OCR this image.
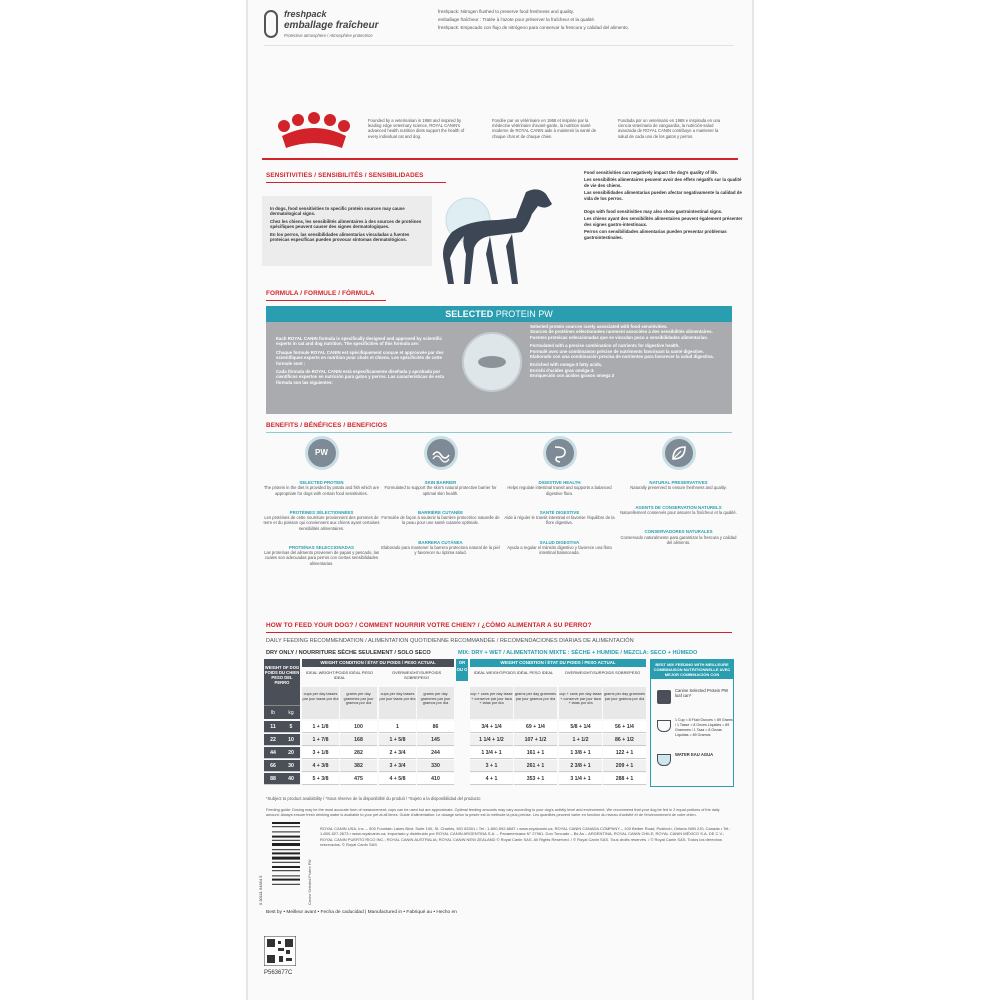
freshpack
emballage fraîcheur
Protective atmosphere / Atmosphère protectrice
freshpack: Nitrogen flushed to preserve food freshness and quality.
emballage fraîcheur : Tratée à l'azote pour préserver la fraîcheur et la qualité.
freshpack: Empacado con flujo de nitrógeno para conservar la frescura y calidad del alimento.
Founded by a veterinarian in 1968 and inspired by leading edge veterinary science, ROYAL CANIN's advanced health nutrition diets support the health of every individual cat and dog.
Fondée par un vétérinaire en 1968 et inspirée par la médecine vétérinaire d'avant-garde, la nutrition santé moderne de ROYAL CANIN aide à maintenir la santé de chaque chat et de chaque chien.
Fundada por un veterinario en 1968 e inspirada en una ciencia veterinaria de vanguardia, la nutrición-salud avanzada de ROYAL CANIN contribuye a mantener la salud de cada uno de los gatos y perros.
SENSITIVITIES / SENSIBILITÉS / SENSIBILIDADES
In dogs, food sensitivities to specific protein sources may cause dermatological signs.
Chez les chiens, les sensibilités alimentaires à des sources de protéines spécifiques peuvent causer des signes dermatologiques.
En los perros, las sensibilidades alimentarias vinculadas a fuentes proteicas específicas pueden provocar síntomas dermatológicos.
Food sensitivities can negatively impact the dog's quality of life.
Les sensibilités alimentaires peuvent avoir des effets négatifs sur la qualité de vie des chiens.
Las sensibilidades alimentarias pueden afectar negativamente la calidad de vida de los perros.
Dogs with food sensitivities may also show gastrointestinal signs.
Les chiens ayant des sensibilités alimentaires peuvent également présenter des signes gastro-intestinaux.
Perros con sensibilidades alimentarias pueden presentar problemas gastrointestinales.
FORMULA / FORMULE / FÓRMULA
SELECTED PROTEIN PW
Each ROYAL CANIN formula is specifically designed and approved by scientific experts in cat and dog nutrition. The specificities of this formula are:
Chaque formule ROYAL CANIN est spécifiquement conçue et approuvée par des scientifiques experts en nutrition pour chats et chiens. Les spécificités de cette formule sont :
Cada fórmula de ROYAL CANIN está específicamente diseñada y aprobada por científicos expertos en nutrición para gatos y perros. Las características de esta fórmula son las siguientes:
Selected protein sources rarely associated with food sensitivities.
Sources de protéines sélectionnées rarement associées à des sensibilités alimentaires.
Fuentes proteicas seleccionadas que se vinculan poco a sensibilidades alimentarias.
Formulated with a precise combination of nutrients for digestive health.
Formulé avec une combinaison précise de nutriments favorisant la santé digestive.
Elaborado con una combinación precisa de nutrientes para favorecer la salud digestiva.
Enriched with omega-3 fatty acids.
Enrichi d'acides gras oméga-3.
Enriquecido con ácidos grasos omega 3
BENEFITS / BÉNÉFICES / BENEFICIOS
PW
SELECTED PROTEIN
The protein in the diet is provided by potato and fish which are appropriate for dogs with certain food sensitivities.
PROTÉINES SÉLECTIONNÉES
Les protéines de cette nourriture proviennent des pommes de terre et du poisson qui conviennent aux chiens ayant certaines sensibilités alimentaires.
PROTEÍNAS SELECCIONADAS
Las proteínas del alimento provienen de papas y pescado, las cuales son adecuadas para perros con ciertas sensibilidades alimentarias.
SKIN BARRIER
Formulated to support the skin's natural protective barrier for optimal skin health.
BARRIÈRE CUTANÉE
Formulée de façon à soutenir la barrière protectrice naturelle de la peau pour une santé cutanée optimale.
BARRERA CUTÁNEA
Elaborado para mantener la barrera protectora natural de la piel y favorecer su óptima salud.
DIGESTIVE HEALTH
Helps regulate intestinal transit and supports a balanced digestive flora.
SANTÉ DIGESTIVE
Aide à réguler le transit intestinal et favorise l'équilibre de la flore digestive.
SALUD DIGESTIVA
Ayuda a regular el tránsito digestivo y favorece una flora intestinal balanceada.
NATURAL PRESERVATIVES
Naturally preserved to ensure freshness and quality.
AGENTS DE CONSERVATION NATURELS
Naturellement conservés pour assurer la fraîcheur et la qualité.
CONSERVADORES NATURALES
Conservado naturalmente para garantizar la frescura y calidad del alimento.
HOW TO FEED YOUR DOG? / COMMENT NOURRIR VOTRE CHIEN? / ¿CÓMO ALIMENTAR A SU PERRO?
DAILY FEEDING RECOMMENDATION / ALIMENTATION QUOTIDIENNE RECOMMANDÉE / RECOMENDACIONES DIARIAS DE ALIMENTACIÓN
DRY ONLY / NOURRITURE SÈCHE SEULEMENT / SOLO SECO	MIX: DRY + WET / ALIMENTATION MIXTE : SÈCHE + HUMIDE / MEZCLA: SECO + HÚMEDO
WEIGHT OF DOG POIDS DU CHIEN PESO DEL PERRO
lb	kg
WEIGHT CONDITION / ÉTAT DU POIDS / PESO ACTUAL
IDEAL WEIGHT/POIDS IDÉAL PESO IDEAL
OVERWEIGHT/SURPOIDS SOBREPESO
cups per day tasses par jour tazas por día
grams per day grammes par jour gramos por día
cups per day tasses par jour tazas por día
grams per day grammes par jour gramos por día
OR OU O
WEIGHT CONDITION / ÉTAT DU POIDS / PESO ACTUAL
IDEAL WEIGHT/POIDS IDÉAL PESO IDEAL	OVERWEIGHT/SURPOIDS SOBREPESO
cup + cans per day tasse + conserve par jour taza + latas por día
grams per day grammes par jour gramos por día
cup + cans per day tasse + conserve par jour taza + latas por día
grams per day grammes par jour gramos por día
11	5	1 + 1/8	100	1	86	3/4 + 1/4	69 + 1/4	5/8 + 1/4	56 + 1/4
22	10	1 + 7/8	168	1 + 5/8	145	1 1/4 + 1/2	107 + 1/2	1 + 1/2	86 + 1/2
44	20	3 + 1/8	282	2 + 3/4	244	1 3/4 + 1	161 + 1	1 3/8 + 1	122 + 1
66	30	4 + 3/8	382	3 + 3/4	330	3 + 1	261 + 1	2 3/8 + 1	209 + 1
88	40	5 + 3/8	475	4 + 5/8	410	4 + 1	353 + 1	3 1/4 + 1	288 + 1
BEST MIX FEEDING WITH MEILLEURE COMBINAISON NUTRITIONNELLE AVEC MEJOR COMBINACIÓN CON
Canine Selected Protein PW loaf can*
1 Cup = 8 Fluid Ounces = 89 Grams / 1 Tasse = 8 Onces Liquides = 89 Grammes / 1 Taza = 8 Onzas Líquidas = 89 Gramos
WATER EAU AGUA
*Subject to product availability / *Sous réserve de la disponibilité du produit / *Sujeto a la disponibilidad del producto
Feeding guide: Dosing may be the most accurate form of measurement; cups can be used but are approximate. Optimal feeding amounts may vary according to your dog's activity level and environment. We recommend that your dog be fed in 2 equal portions of the daily amount. Always ensure fresh drinking water is available to your pet at all times. Guide d'alimentation: Le dosage selon la pesée est la méthode la plus précise. Les quantités peuvent varier en fonction du niveau d'activité et de l'environnement de votre chien.
0 30111 54354 5	Canine Selected Protein PW
ROYAL CANIN USA, Inc. – 500 Fountain Lakes Blvd. Suite 100, St. Charles, MO 63301 • Tel.: 1-800-592-6687 • www.royalcanin.us; ROYAL CANIN CANADA COMPANY – 100 Beiber Road, Puslinch, Ontario N0B 2J0, Canada • Tel.: 1-800-527-2673 • www.royalcanin.ca; Importado y distribuido por ROYAL CANIN ARGENTINA S.A. – Panamericana N° 27961, Don Torcuato – Bs As – ARGENTINA; ROYAL CANIN CHILE; ROYAL CANIN MÉXICO S.A. DE C.V.; ROYAL CANIN PUERTO RICO INC.; ROYAL CANIN AUSTRALIA; ROYAL CANIN NEW ZEALAND © Royal Canin SAS. All Rights Reserved. / © Royal Canin SAS. Tous droits réservés. / © Royal Canin SAS. Todos los derechos reservados. © Royal Canin SAS
Best by • Meilleur avant • Fecha de caducidad | Manufactured in • Fabriqué au • Hecho en
P563677C
